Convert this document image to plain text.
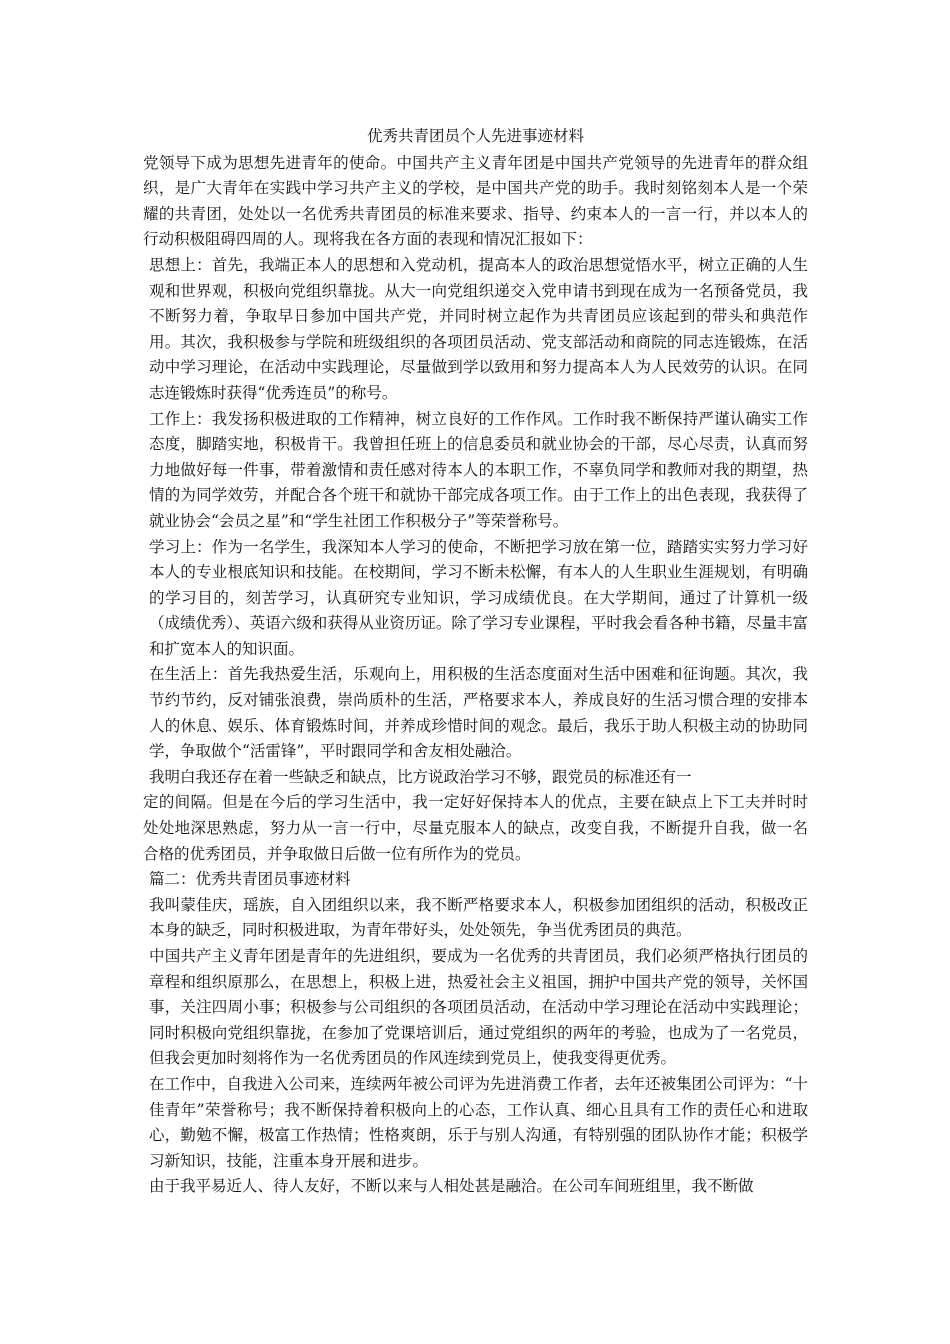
优秀共青团员个人先进事迹材料

党领导下成为思想先进青年的使命。中国共产主义青年团是中国共产党领导的先进青年的群众组织，是广大青年在实践中学习共产主义的学校，是中国共产党的助手。我时刻铭刻本人是一个荣耀的共青团，处处以一名优秀共青团员的标准来要求、指导、约束本人的一言一行，并以本人的行动积极阻碍四周的人。现将我在各方面的表现和情况汇报如下：

思想上：首先，我端正本人的思想和入党动机，提高本人的政治思想觉悟水平，树立正确的人生观和世界观，积极向党组织靠拢。从大一向党组织递交入党申请书到现在成为一名预备党员，我不断努力着，争取早日参加中国共产党，并同时树立起作为共青团员应该起到的带头和典范作用。其次，我积极参与学院和班级组织的各项团员活动、党支部活动和商院的同志连锻炼，在活动中学习理论，在活动中实践理论，尽量做到学以致用和努力提高本人为人民效劳的认识。在同志连锻炼时获得“优秀连员”的称号。

工作上：我发扬积极进取的工作精神，树立良好的工作作风。工作时我不断保持严谨认确实工作态度，脚踏实地，积极肯干。我曾担任班上的信息委员和就业协会的干部，尽心尽责，认真而努力地做好每一件事，带着激情和责任感对待本人的本职工作，不辜负同学和教师对我的期望，热情的为同学效劳，并配合各个班干和就协干部完成各项工作。由于工作上的出色表现，我获得了就业协会“会员之星”和“学生社团工作积极分子”等荣誉称号。

学习上：作为一名学生，我深知本人学习的使命，不断把学习放在第一位，踏踏实实努力学习好本人的专业根底知识和技能。在校期间，学习不断未松懈，有本人的人生职业生涯规划，有明确的学习目的，刻苦学习，认真研究专业知识，学习成绩优良。在大学期间，通过了计算机一级（成绩优秀）、英语六级和获得从业资历证。除了学习专业课程，平时我会看各种书籍，尽量丰富和扩宽本人的知识面。

在生活上：首先我热爱生活，乐观向上，用积极的生活态度面对生活中困难和征询题。其次，我节约节约，反对铺张浪费，崇尚质朴的生活，严格要求本人，养成良好的生活习惯合理的安排本人的休息、娱乐、体育锻炼时间，并养成珍惜时间的观念。最后，我乐于助人积极主动的协助同学，争取做个“活雷锋”，平时跟同学和舍友相处融洽。

我明白我还存在着一些缺乏和缺点，比方说政治学习不够，跟党员的标准还有一

定的间隔。但是在今后的学习生活中，我一定好好保持本人的优点，主要在缺点上下工夫并时时处处地深思熟虑，努力从一言一行中，尽量克服本人的缺点，改变自我，不断提升自我，做一名合格的优秀团员，并争取做日后做一位有所作为的党员。

篇二：优秀共青团员事迹材料

我叫蒙佳庆，瑶族，自入团组织以来，我不断严格要求本人，积极参加团组织的活动，积极改正本身的缺乏，同时积极进取，为青年带好头，处处领先，争当优秀团员的典范。

中国共产主义青年团是青年的先进组织，要成为一名优秀的共青团员，我们必须严格执行团员的章程和组织原那么，在思想上，积极上进，热爱社会主义祖国，拥护中国共产党的领导，关怀国事，关注四周小事；积极参与公司组织的各项团员活动，在活动中学习理论在活动中实践理论；同时积极向党组织靠拢，在参加了党课培训后，通过党组织的两年的考验，也成为了一名党员，但我会更加时刻将作为一名优秀团员的作风连续到党员上，使我变得更优秀。

在工作中，自我进入公司来，连续两年被公司评为先进消费工作者，去年还被集团公司评为：“十佳青年”荣誉称号；我不断保持着积极向上的心态，工作认真、细心且具有工作的责任心和进取心，勤勉不懈，极富工作热情；性格爽朗，乐于与别人沟通，有特别强的团队协作才能；积极学习新知识，技能，注重本身开展和进步。

由于我平易近人、待人友好，不断以来与人相处甚是融洽。在公司车间班组里，我不断做
